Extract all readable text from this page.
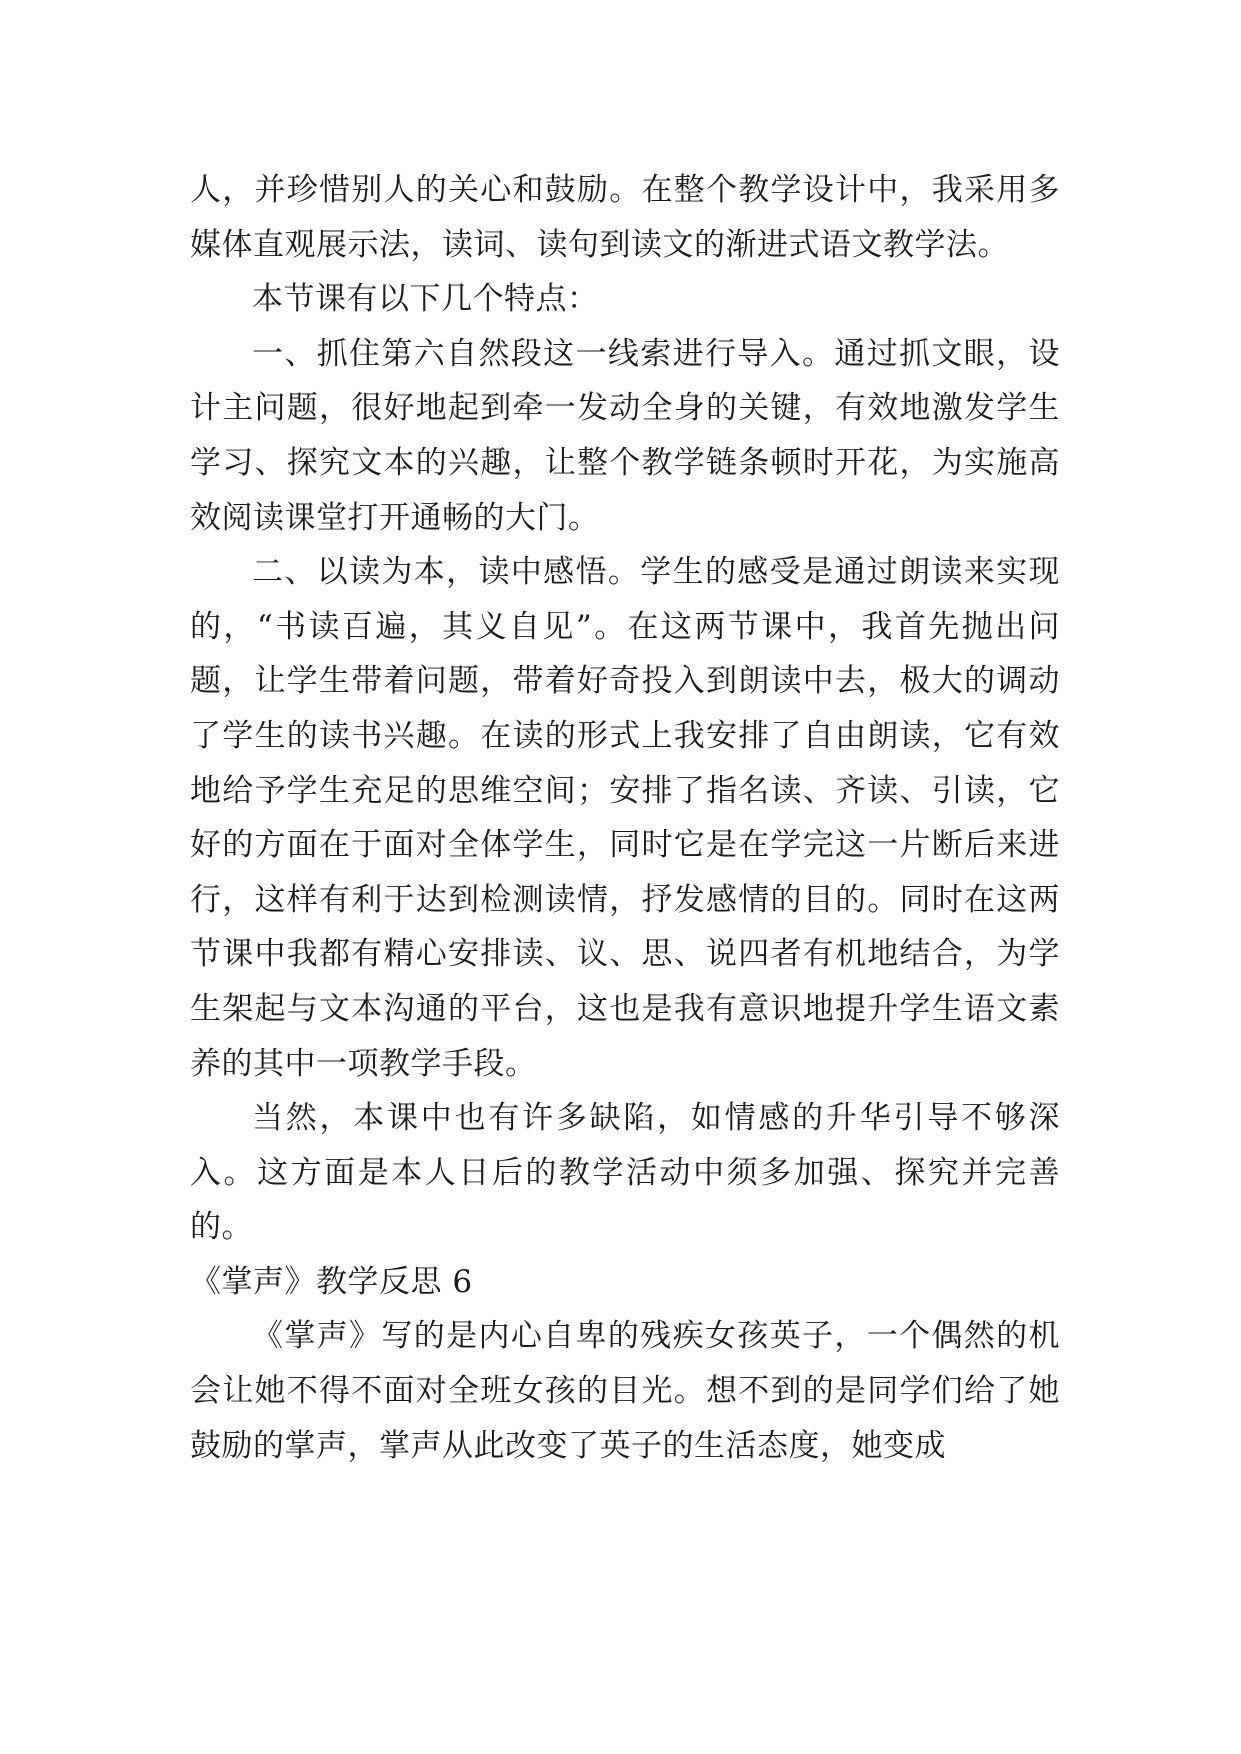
人，并珍惜别人的关心和鼓励。在整个教学设计中，我采用多媒体直观展示法，读词、读句到读文的渐进式语文教学法。

本节课有以下几个特点：

一、抓住第六自然段这一线索进行导入。通过抓文眼，设计主问题，很好地起到牵一发动全身的关键，有效地激发学生学习、探究文本的兴趣，让整个教学链条顿时开花，为实施高效阅读课堂打开通畅的大门。

二、以读为本，读中感悟。学生的感受是通过朗读来实现的，“书读百遍，其义自见”。在这两节课中，我首先抛出问题，让学生带着问题，带着好奇投入到朗读中去，极大的调动了学生的读书兴趣。在读的形式上我安排了自由朗读，它有效地给予学生充足的思维空间；安排了指名读、齐读、引读，它好的方面在于面对全体学生，同时它是在学完这一片断后来进行，这样有利于达到检测读情，抒发感情的目的。同时在这两节课中我都有精心安排读、议、思、说四者有机地结合，为学生架起与文本沟通的平台，这也是我有意识地提升学生语文素养的其中一项教学手段。

当然，本课中也有许多缺陷，如情感的升华引导不够深入。这方面是本人日后的教学活动中须多加强、探究并完善的。

《掌声》教学反思 6

《掌声》写的是内心自卑的残疾女孩英子，一个偶然的机会让她不得不面对全班女孩的目光。想不到的是同学们给了她鼓励的掌声，掌声从此改变了英子的生活态度，她变成
